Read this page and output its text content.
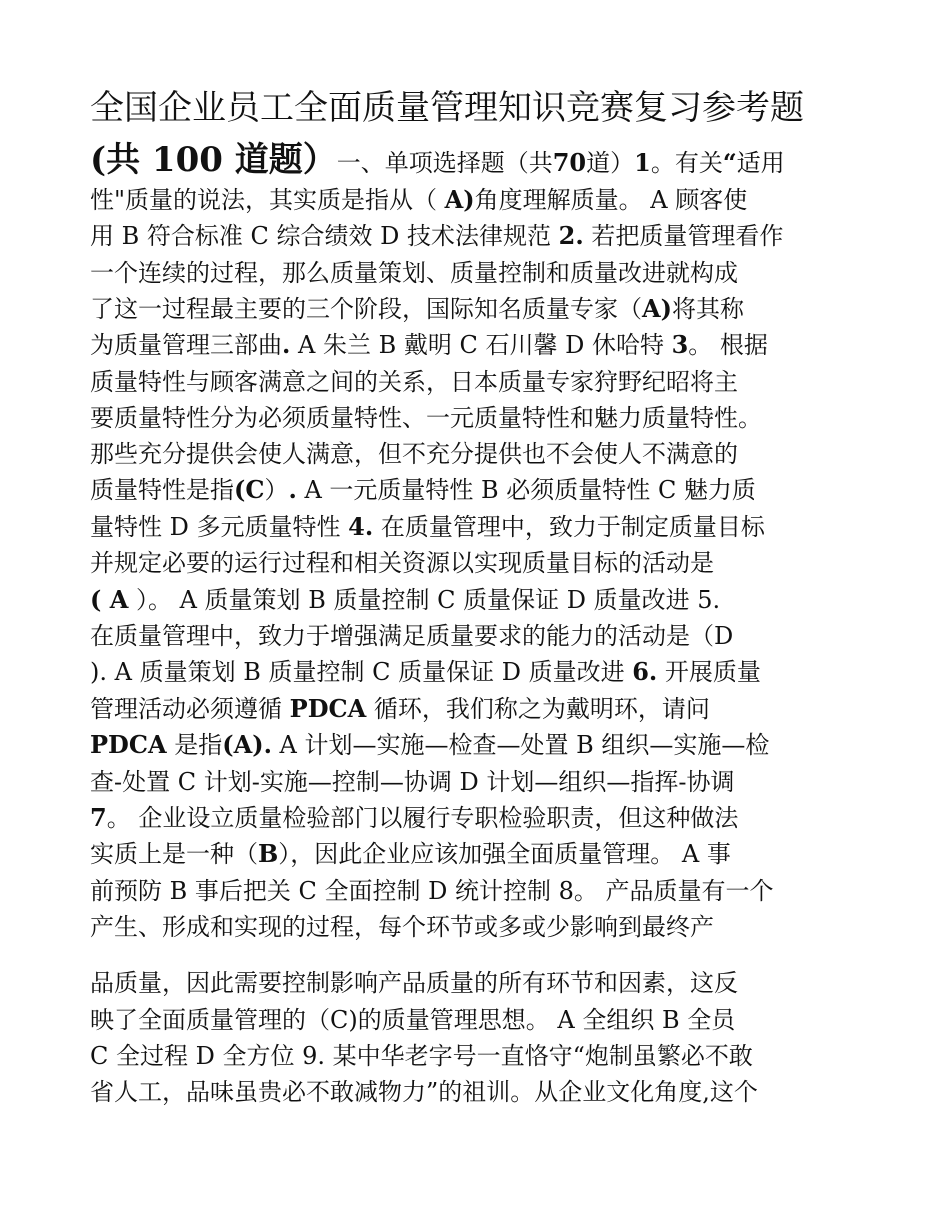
全国企业员工全面质量管理知识竞赛复习参考题
(共 100 道题）一、单项选择题（共70道）1。有关“适用
性"质量的说法，其实质是指从（ A)角度理解质量。 A 顾客使
用 B 符合标准 C 综合绩效 D 技术法律规范 2. 若把质量管理看作
一个连续的过程，那么质量策划、质量控制和质量改进就构成
了这一过程最主要的三个阶段，国际知名质量专家（A)将其称
为质量管理三部曲. A 朱兰 B 戴明 C 石川馨 D 休哈特 3。 根据
质量特性与顾客满意之间的关系，日本质量专家狩野纪昭将主
要质量特性分为必须质量特性、一元质量特性和魅力质量特性。
那些充分提供会使人满意，但不充分提供也不会使人不满意的
质量特性是指(C）. A 一元质量特性 B 必须质量特性 C 魅力质
量特性 D 多元质量特性 4. 在质量管理中，致力于制定质量目标
并规定必要的运行过程和相关资源以实现质量目标的活动是
( A ）。 A 质量策划 B 质量控制 C 质量保证 D 质量改进 5.
在质量管理中，致力于增强满足质量要求的能力的活动是（D
). A 质量策划 B 质量控制 C 质量保证 D 质量改进 6. 开展质量
管理活动必须遵循 PDCA 循环，我们称之为戴明环，请问
PDCA 是指(A). A 计划—实施—检查—处置 B 组织—实施—检
查-处置 C 计划-实施—控制—协调 D 计划—组织—指挥-协调
7。 企业设立质量检验部门以履行专职检验职责，但这种做法
实质上是一种（B），因此企业应该加强全面质量管理。 A 事
前预防 B 事后把关 C 全面控制 D 统计控制 8。 产品质量有一个
产生、形成和实现的过程，每个环节或多或少影响到最终产
品质量，因此需要控制影响产品质量的所有环节和因素，这反
映了全面质量管理的（C)的质量管理思想。 A 全组织 B 全员
C 全过程 D 全方位 9. 某中华老字号一直恪守“炮制虽繁必不敢
省人工，品味虽贵必不敢减物力”的祖训。从企业文化角度,这个
